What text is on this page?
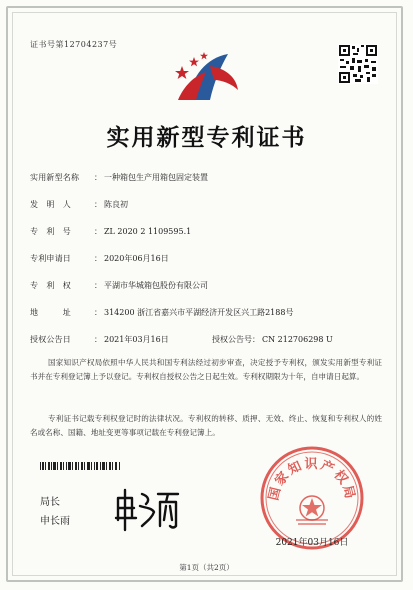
证书号第12704237号
实用新型专利证书
实用新型名称 ： 一种箱包生产用箱包固定装置
发　明　人	： 陈良初
专　利　号	： ZL 2020 2 1109595.1
专利申请日	： 2020年06月16日
专　利　权	： 平湖市华城箱包股份有限公司
地　　　址	： 314200 浙江省嘉兴市平湖经济开发区兴工路2188号
授权公告日	： 2021年03月16日	授权公告号： CN 212706298 U
国家知识产权局依照中华人民共和国专利法经过初步审查，决定授予专利权，颁发实用新型专利证书并在专利登记簿上予以登记。专利权自授权公告之日起生效。专利权期限为十年，自申请日起算。
专利证书记载专利权登记时的法律状况。专利权的转移、质押、无效、终止、恢复和专利权人的姓名或名称、国籍、地址变更等事项记载在专利登记簿上。
局长
申长雨
国家知识产权局
2021年03月16日
第1页（共2页）
